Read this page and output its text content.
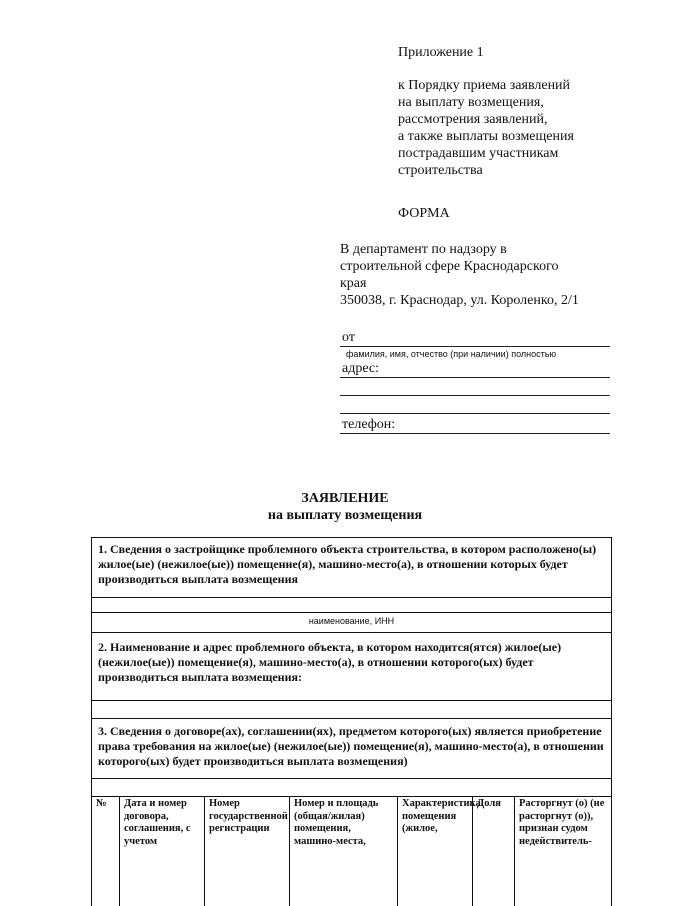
Приложение 1
к Порядку приема заявлений
на выплату возмещения,
рассмотрения заявлений,
а также выплаты возмещения
пострадавшим участникам
строительства
ФОРМА
В департамент по надзору в
строительной сфере Краснодарского
края
350038, г. Краснодар, ул. Короленко, 2/1
от
фамилия, имя, отчество (при наличии) полностью
адрес:
телефон:
ЗАЯВЛЕНИЕ
на выплату возмещения
1. Сведения о застройщике проблемного объекта строительства, в котором расположено(ы) жилое(ые) (нежилое(ые)) помещение(я), машино-место(а), в отношении которых будет производиться выплата возмещения
наименование, ИНН
2. Наименование и адрес проблемного объекта, в котором находится(ятся) жилое(ые) (нежилое(ые)) помещение(я), машино-место(а), в отношении которого(ых) будет производиться выплата возмещения:
3. Сведения о договоре(ах), соглашении(ях), предметом которого(ых) является приобретение права требования на жилое(ые) (нежилое(ые)) помещение(я), машино-место(а), в отношении которого(ых) будет производиться выплата возмещения)
№	Дата и номер договора, соглашения, с учетом
Номер государственной регистрации
Номер и площадь (общая/жилая) помещения, машино-места,
Характеристика помещения (жилое,
Доля	Расторгнут (о) (не расторгнут (о)), признан судом недействитель-
